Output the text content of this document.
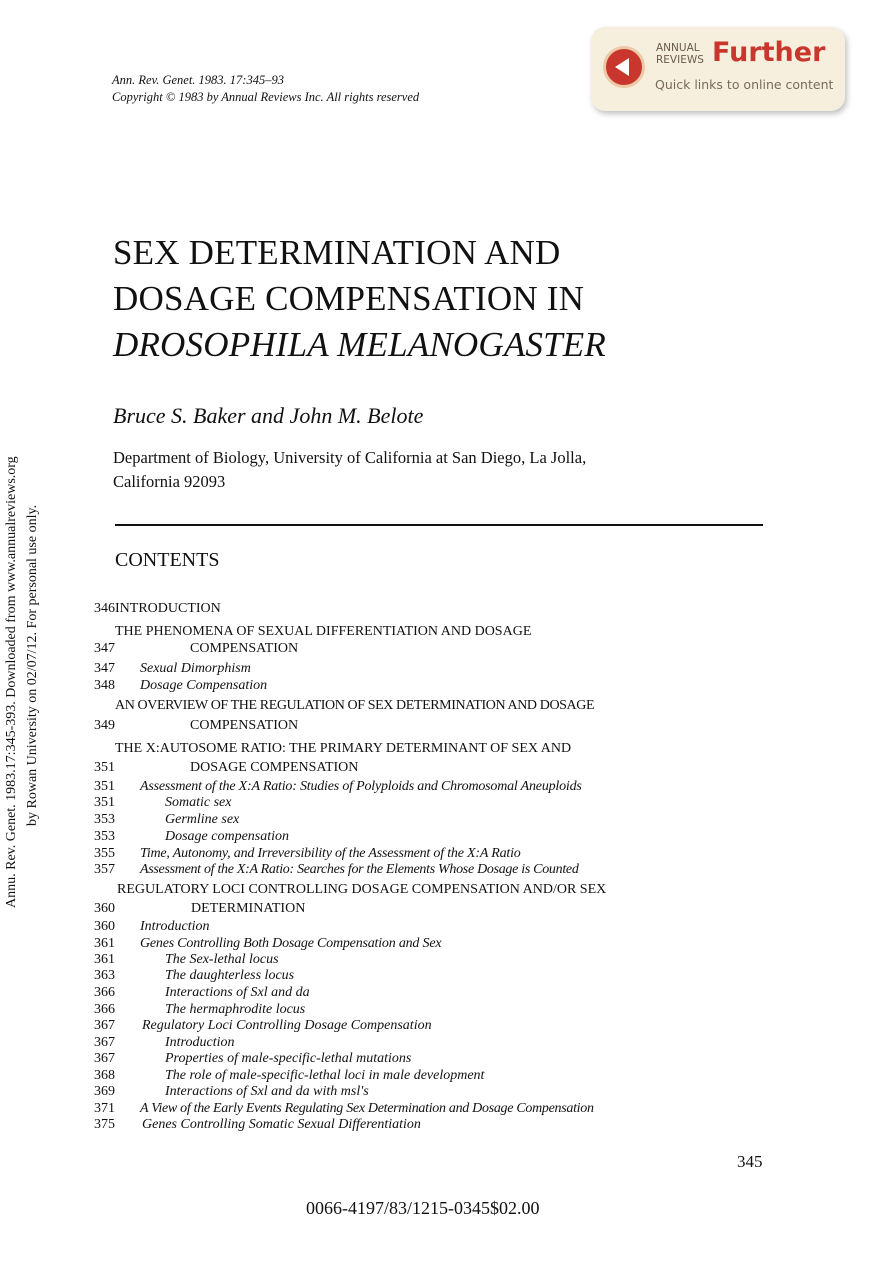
Ann. Rev. Genet. 1983. 17:345–93
Copyright © 1983 by Annual Reviews Inc. All rights reserved
ANNUAL
REVIEWS Further
Quick links to online content
Annu. Rev. Genet. 1983.17:345-393. Downloaded from www.annualreviews.org by Rowan University on 02/07/12. For personal use only.
SEX DETERMINATION AND
DOSAGE COMPENSATION IN
DROSOPHILA MELANOGASTER
Bruce S. Baker and John M. Belote
Department of Biology, University of California at San Diego, La Jolla,
California 92093
CONTENTS
INTRODUCTION
346
THE PHENOMENA OF SEXUAL DIFFERENTIATION AND DOSAGE
COMPENSATION
347
Sexual Dimorphism
347
Dosage Compensation
348
AN OVERVIEW OF THE REGULATION OF SEX DETERMINATION AND DOSAGE
COMPENSATION
349
THE X:AUTOSOME RATIO: THE PRIMARY DETERMINANT OF SEX AND
DOSAGE COMPENSATION
351
Assessment of the X:A Ratio: Studies of Polyploids and Chromosomal Aneuploids
351
Somatic sex
351
Germline sex
353
Dosage compensation
353
Time, Autonomy, and Irreversibility of the Assessment of the X:A Ratio
355
Assessment of the X:A Ratio: Searches for the Elements Whose Dosage is Counted
357
REGULATORY LOCI CONTROLLING DOSAGE COMPENSATION AND/OR SEX
DETERMINATION
360
Introduction
360
Genes Controlling Both Dosage Compensation and Sex
361
The Sex-lethal locus
361
The daughterless locus
363
Interactions of Sxl and da
366
The hermaphrodite locus
366
Regulatory Loci Controlling Dosage Compensation
367
Introduction
367
Properties of male-specific-lethal mutations
367
The role of male-specific-lethal loci in male development
368
Interactions of Sxl and da with msl's
369
A View of the Early Events Regulating Sex Determination and Dosage Compensation
371
Genes Controlling Somatic Sexual Differentiation
375
345
0066-4197/83/1215-0345$02.00
